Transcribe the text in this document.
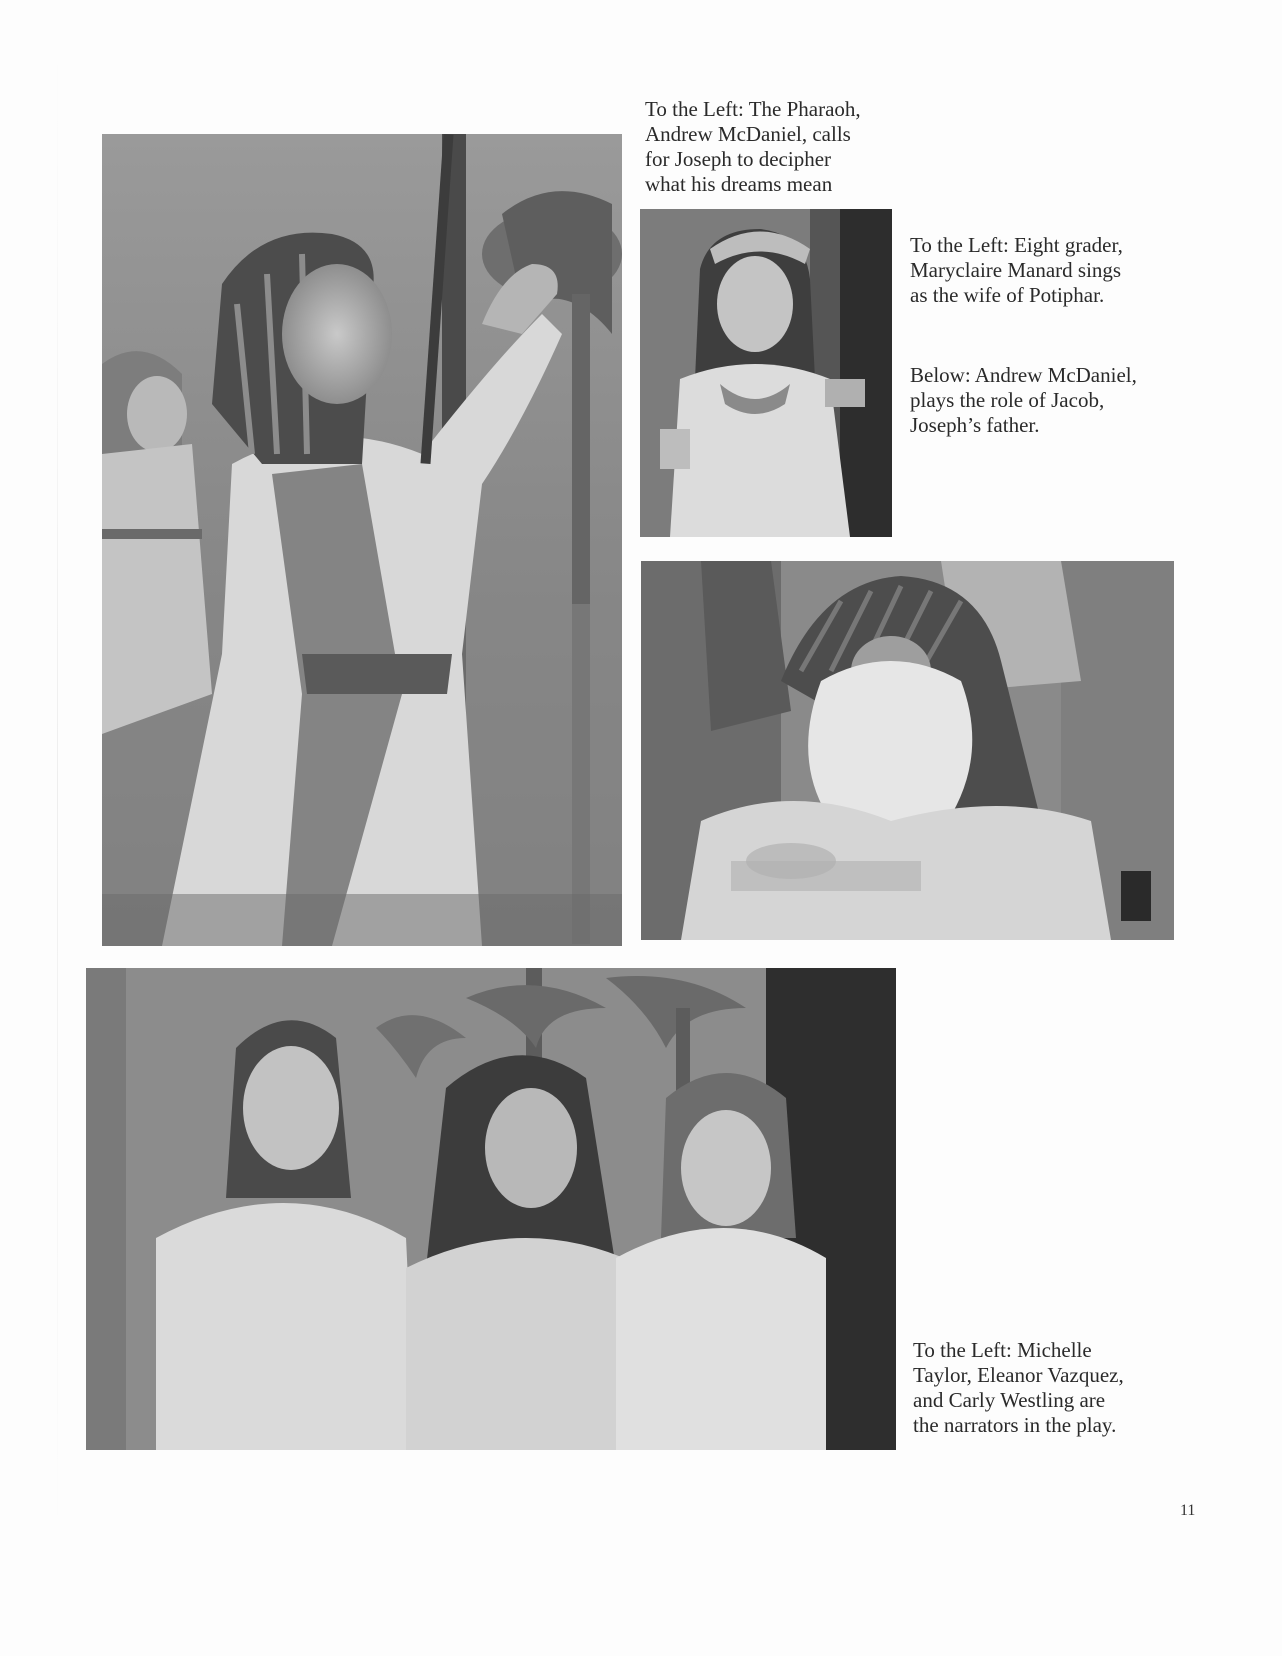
To the Left: The Pharaoh,
Andrew McDaniel, calls
for Joseph to decipher
what his dreams mean
To the Left: Eight grader,
Maryclaire Manard sings
as the wife of Potiphar.
Below: Andrew McDaniel,
plays the role of Jacob,
Joseph’s father.
To the Left: Michelle
Taylor, Eleanor Vazquez,
and Carly Westling are
the narrators in the play.
11
